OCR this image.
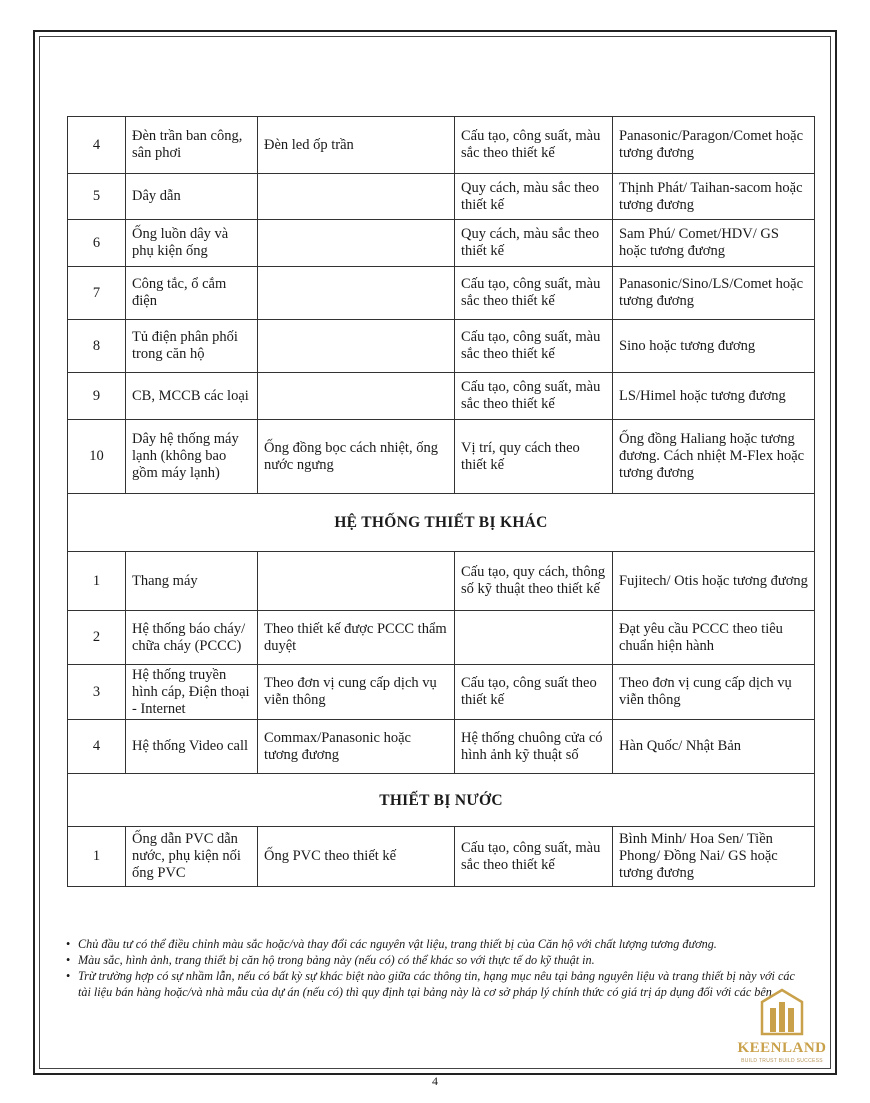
4	Đèn trần ban công, sân phơi	Đèn led ốp trần	Cấu tạo, công suất, màu sắc theo thiết kế	Panasonic/Paragon/Comet hoặc tương đương
5	Dây dẫn		Quy cách, màu sắc theo thiết kế	Thịnh Phát/ Taihan-sacom hoặc tương đương
6	Ống luồn dây và phụ kiện ống		Quy cách, màu sắc theo thiết kế	Sam Phú/ Comet/HDV/ GS hoặc tương đương
7	Công tắc, ổ cắm điện		Cấu tạo, công suất, màu sắc theo thiết kế	Panasonic/Sino/LS/Comet hoặc tương đương
8	Tủ điện phân phối trong căn hộ		Cấu tạo, công suất, màu sắc theo thiết kế	Sino hoặc tương đương
9	CB, MCCB các loại		Cấu tạo, công suất, màu sắc theo thiết kế	LS/Himel hoặc tương đương
10	Dây hệ thống máy lạnh (không bao gồm máy lạnh)	Ống đồng bọc cách nhiệt, ống nước ngưng	Vị trí, quy cách theo thiết kế	Ống đồng Haliang hoặc tương đương. Cách nhiệt M-Flex hoặc tương đương
HỆ THỐNG THIẾT BỊ KHÁC				
1	Thang máy		Cấu tạo, quy cách, thông số kỹ thuật theo thiết kế	Fujitech/ Otis hoặc tương đương
2	Hệ thống báo cháy/ chữa cháy (PCCC)	Theo thiết kế được PCCC thẩm duyệt		Đạt yêu cầu PCCC theo tiêu chuẩn hiện hành
3	Hệ thống truyền hình cáp, Điện thoại - Internet	Theo đơn vị cung cấp dịch vụ viễn thông	Cấu tạo, công suất theo thiết kế	Theo đơn vị cung cấp dịch vụ viễn thông
4	Hệ thống Video call	Commax/Panasonic hoặc tương đương	Hệ thống chuông cửa có hình ảnh kỹ thuật số	Hàn Quốc/ Nhật Bản
THIẾT BỊ NƯỚC				
1	Ống dẫn PVC dẫn nước, phụ kiện nối ống PVC	Ống PVC theo thiết kế	Cấu tạo, công suất, màu sắc theo thiết kế	Bình Minh/ Hoa Sen/ Tiền Phong/ Đồng Nai/ GS hoặc tương đương
• Chủ đầu tư có thể điều chỉnh màu sắc hoặc/và thay đổi các nguyên vật liệu, trang thiết bị của Căn hộ với chất lượng tương đương.
• Màu sắc, hình ảnh, trang thiết bị căn hộ trong bảng này (nếu có) có thể khác so với thực tế do kỹ thuật in.
• Trừ trường hợp có sự nhầm lẫn, nếu có bất kỳ sự khác biệt nào giữa các thông tin, hạng mục nêu tại bảng nguyên liệu và trang thiết bị này với các tài liệu bán hàng hoặc/và nhà mẫu của dự án (nếu có) thì quy định tại bảng này là cơ sở pháp lý chính thức có giá trị áp dụng đối với các bên.
4
KEENLAND
BUILD TRUST BUILD SUCCESS
